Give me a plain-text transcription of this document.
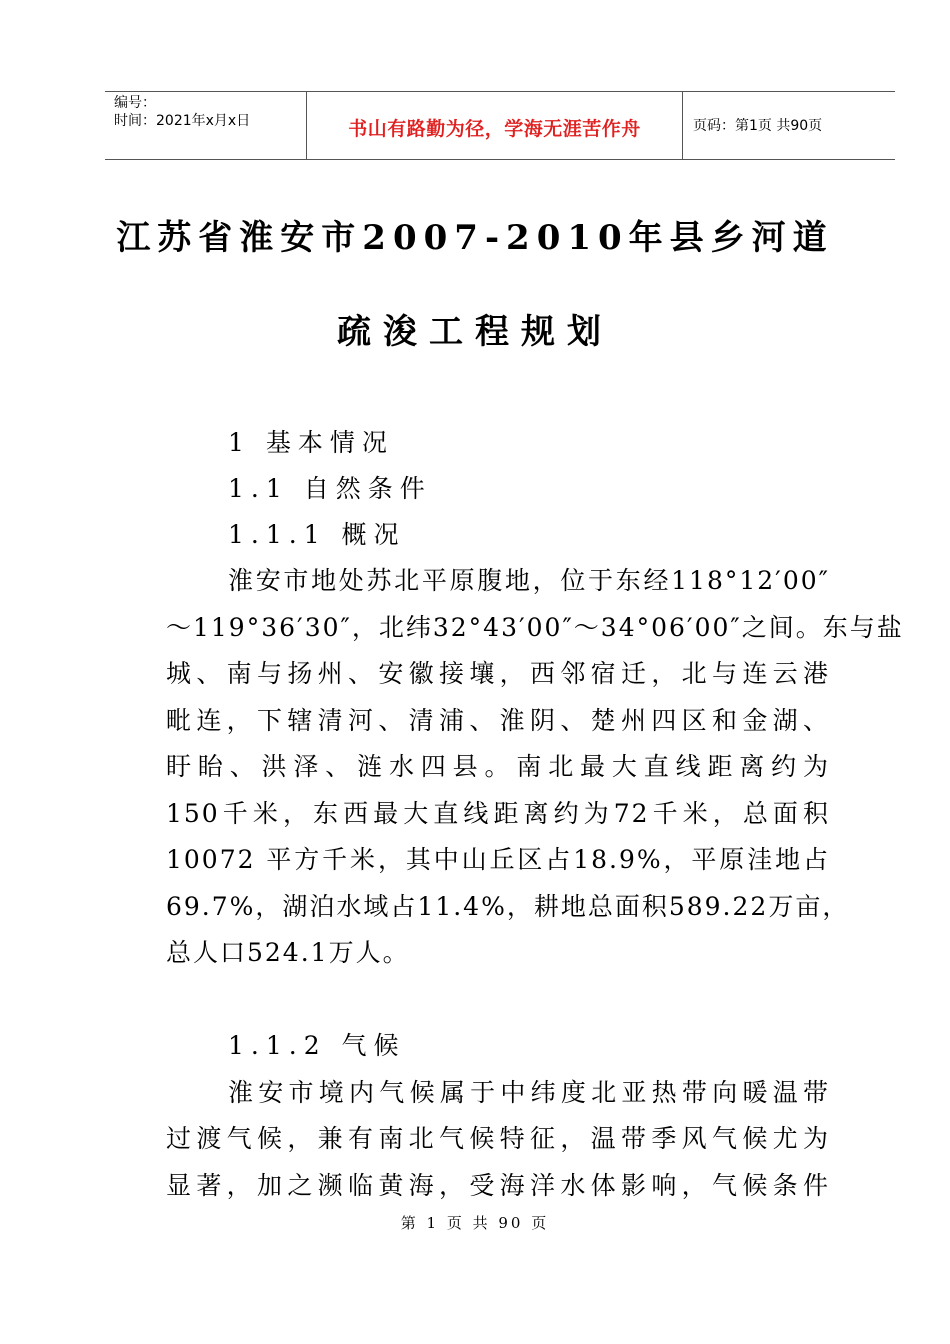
编号：
时间：2021年x月x日	书山有路勤为径，学海无涯苦作舟	页码：第1页 共90页
江苏省淮安市2007-2010年县乡河道
疏浚工程规划
1 基本情况
1.1 自然条件
1.1.1 概况
淮安市地处苏北平原腹地，位于东经118°12′00″
～119°36′30″，北纬32°43′00″～34°06′00″之间。东与盐
城、南与扬州、安徽接壤，西邻宿迁，北与连云港
毗连，下辖清河、清浦、淮阴、楚州四区和金湖、
盱眙、洪泽、涟水四县。南北最大直线距离约为
150千米，东西最大直线距离约为72千米，总面积
10072 平方千米，其中山丘区占18.9%，平原洼地占
69.7%，湖泊水域占11.4%，耕地总面积589.22万亩，
总人口524.1万人。
1.1.2 气候
淮安市境内气候属于中纬度北亚热带向暖温带
过渡气候，兼有南北气候特征，温带季风气候尤为
显著，加之濒临黄海，受海洋水体影响，气候条件
第 1 页 共 90 页
